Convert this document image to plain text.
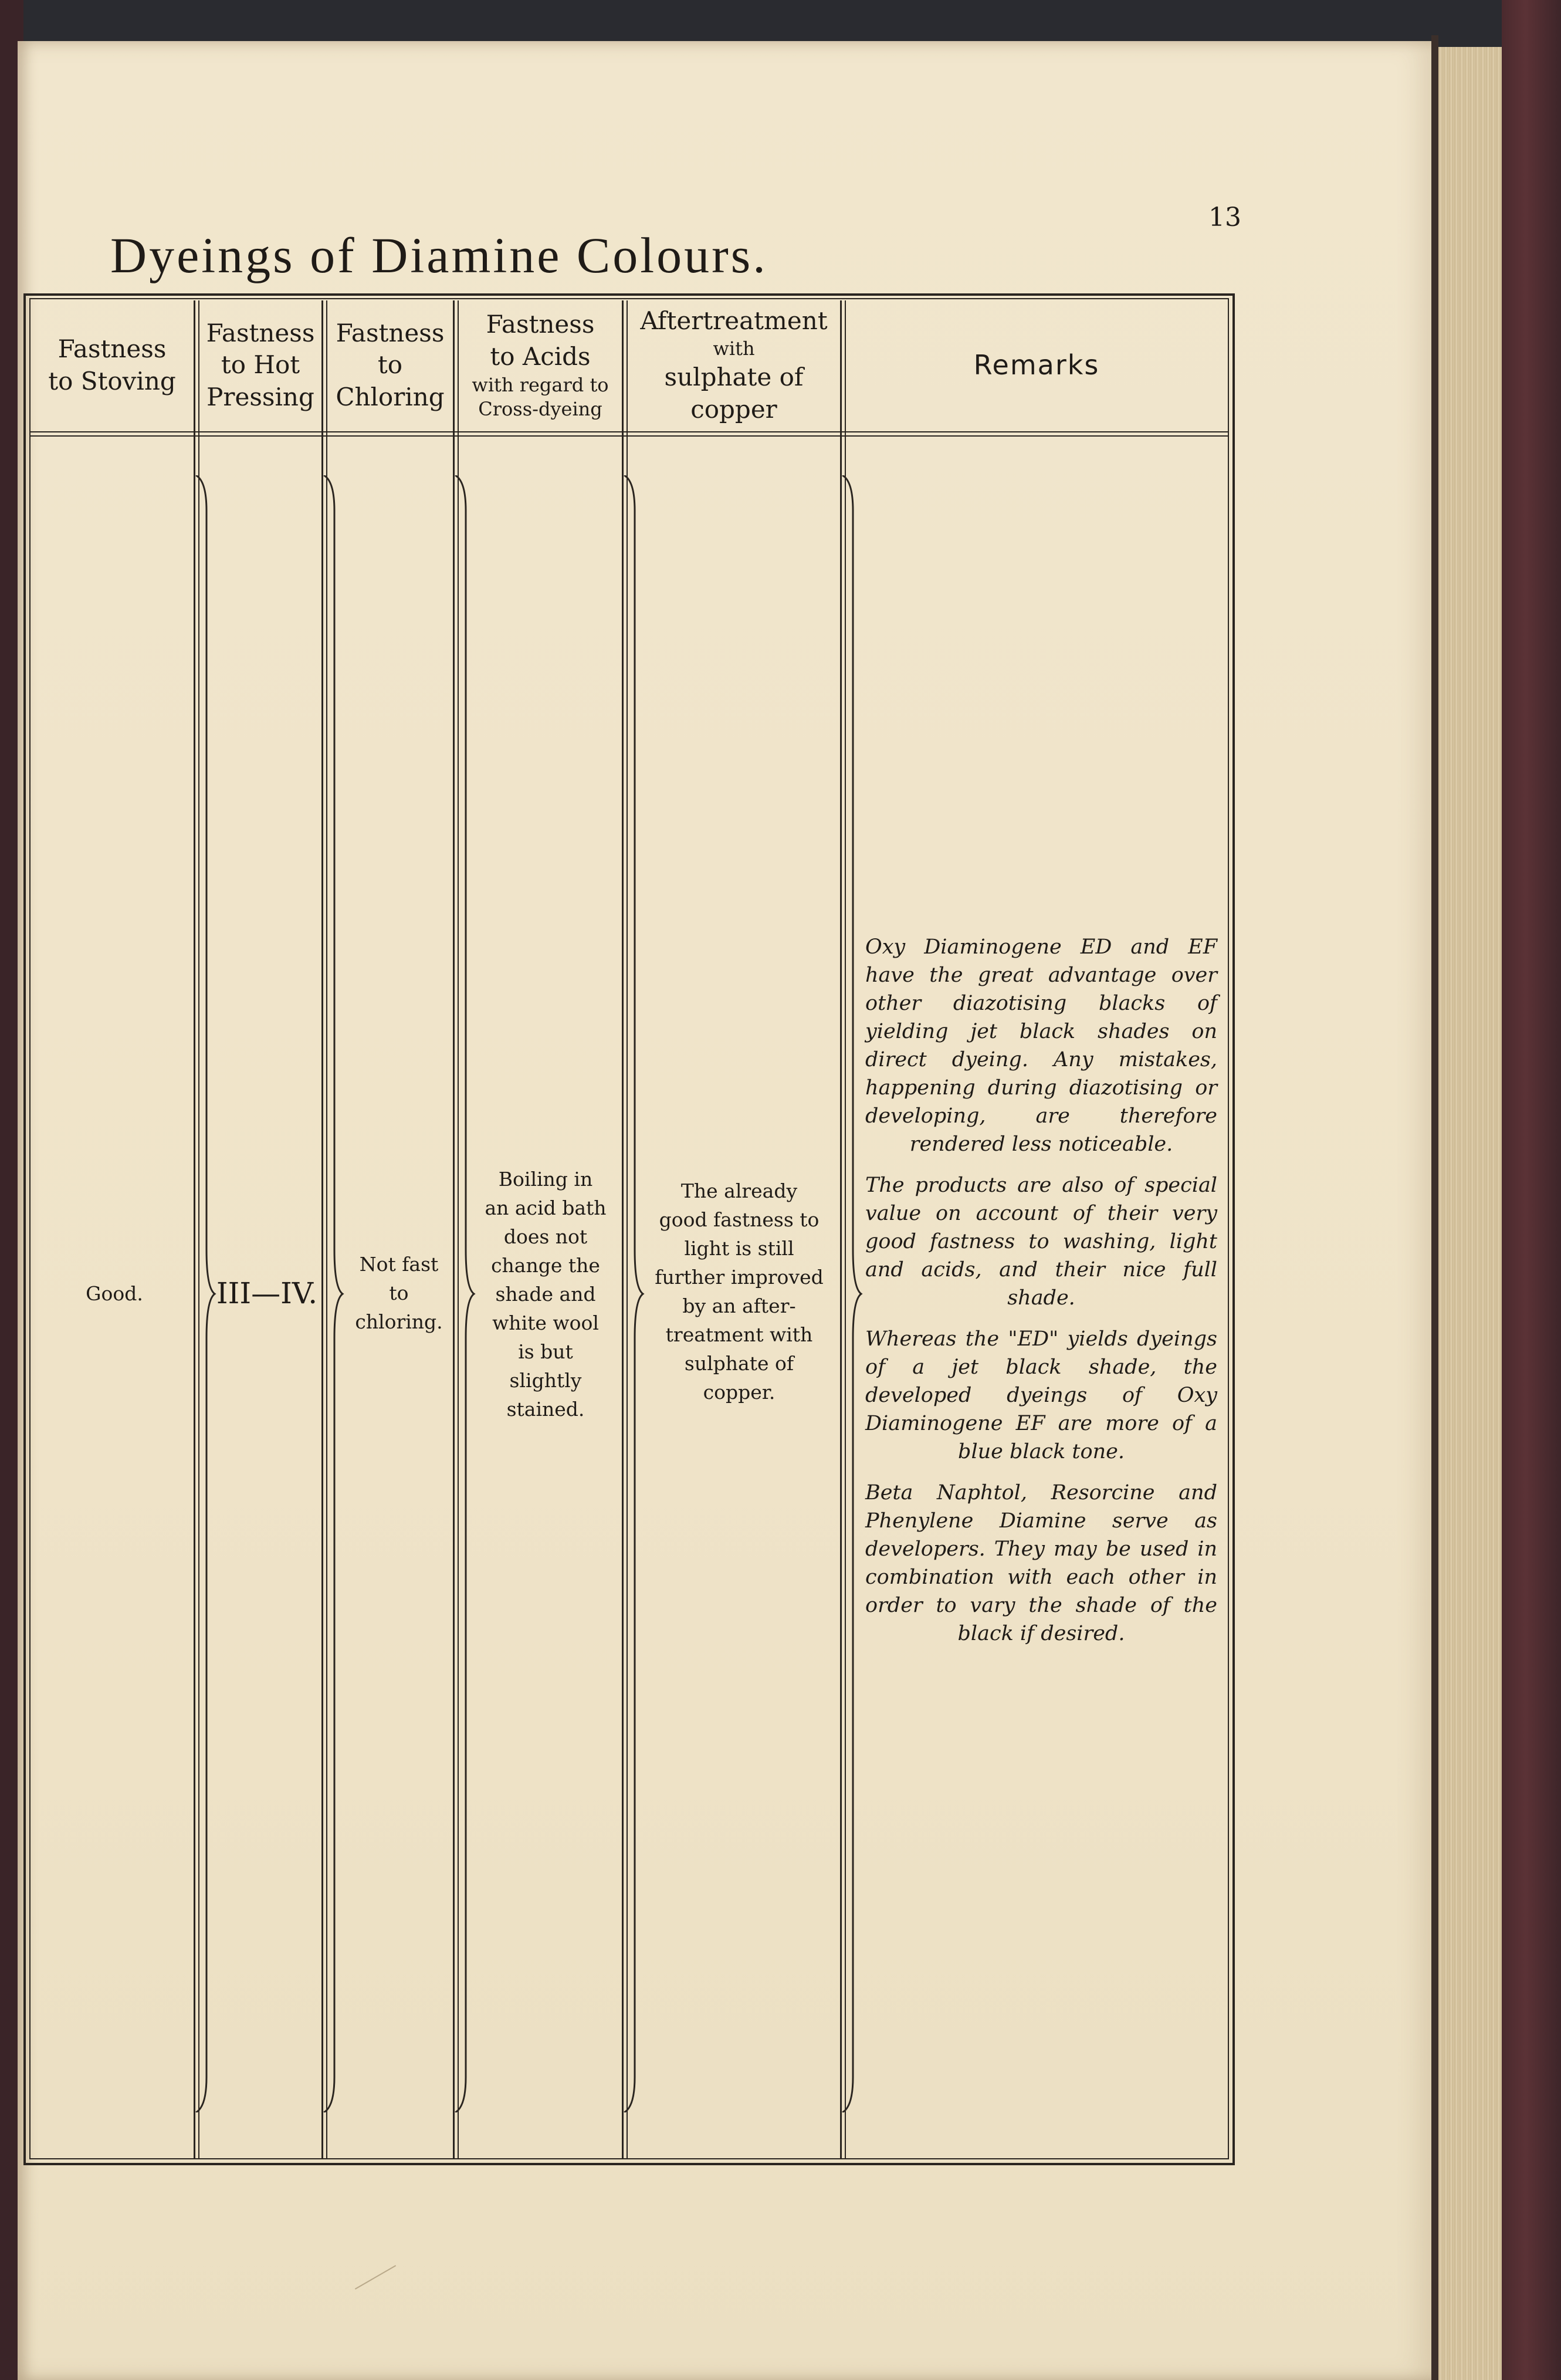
13
Dyeings of Diamine Colours.
Fastness
to Stoving
Fastness
to Hot
Pressing
Fastness
to
Chloring
Fastness
to Acids
with regard to
Cross-dyeing
Aftertreatment
with
sulphate of copper
Remarks
Good.	III—IV.
Not fast
to
chloring.
Boiling in
an acid bath
does not
change the
shade and
white wool
is but
slightly
stained.
The already
good fastness to
light is still
further improved
by an after-
treatment with
sulphate of
copper.

Oxy Diaminogene ED and EF have the great advantage over other diazotising blacks of yielding jet black shades on direct dyeing. Any mistakes, happening during diazotising or developing, are therefore rendered less noticeable.

The products are also of special value on account of their very good fastness to washing, light and acids, and their nice full shade.

Whereas the "ED" yields dyeings of a jet black shade, the developed dyeings of Oxy Diaminogene EF are more of a blue black tone.

Beta Naphtol, Resorcine and Phenylene Diamine serve as developers. They may be used in combination with each other in order to vary the shade of the black if desired.
